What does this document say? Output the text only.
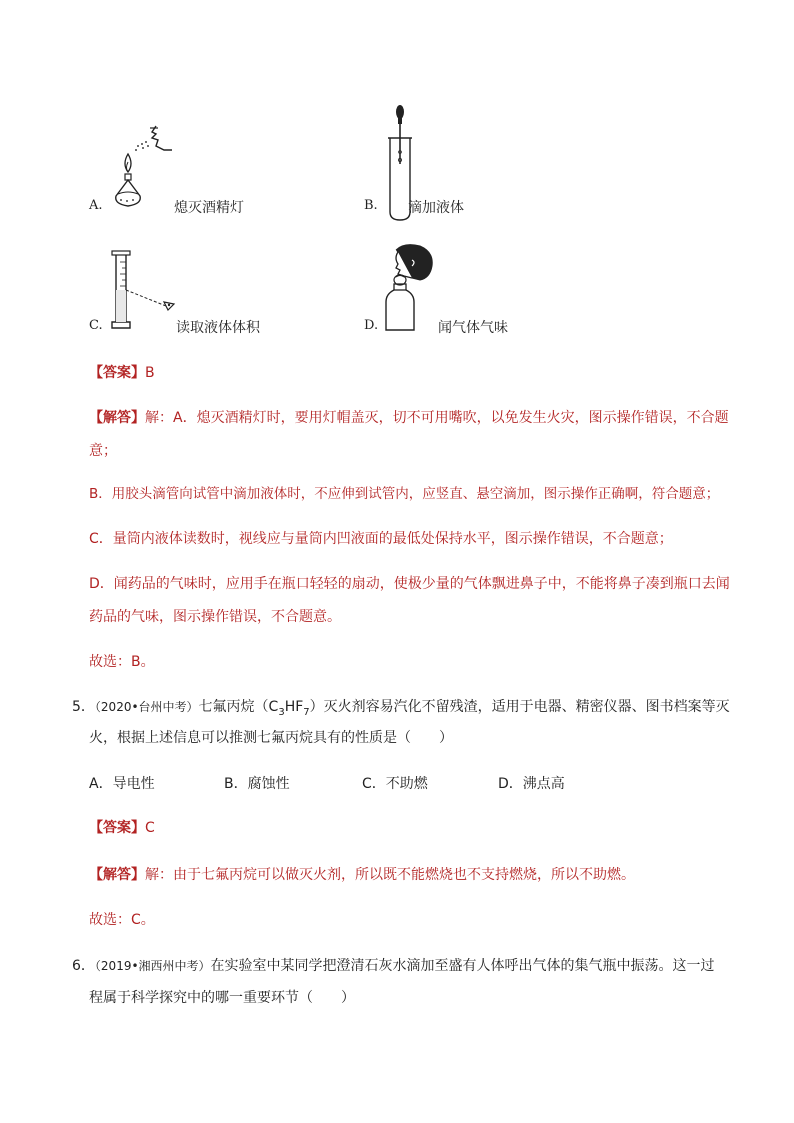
A.	熄灭酒精灯	B. 滴加液体
C.	读取液体体积	D.	闻气体气味
【答案】B
【解答】解：A．熄灭酒精灯时，要用灯帽盖灭，切不可用嘴吹，以免发生火灾，图示操作错误，不合题
意；
B．用胶头滴管向试管中滴加液体时，不应伸到试管内，应竖直、悬空滴加，图示操作正确啊，符合题意；
C．量筒内液体读数时，视线应与量筒内凹液面的最低处保持水平，图示操作错误，不合题意；
D．闻药品的气味时，应用手在瓶口轻轻的扇动，使极少量的气体飘进鼻子中，不能将鼻子凑到瓶口去闻
药品的气味，图示操作错误，不合题意。
故选：B。
5．（2020•台州中考）七氟丙烷$(C_3HF_7)$灭火剂容易汽化不留残渣，适用于电器、精密仪器、图书档案等灭
火，根据上述信息可以推测七氟丙烷具有的性质是（　　）
A．导电性	B．腐蚀性	C．不助燃	D．沸点高
【答案】C
【解答】解：由于七氟丙烷可以做灭火剂，所以既不能燃烧也不支持燃烧，所以不助燃。
故选：C。
6．（2019•湘西州中考）在实验室中某同学把澄清石灰水滴加至盛有人体呼出气体的集气瓶中振荡。这一过
程属于科学探究中的哪一重要环节（　　）
